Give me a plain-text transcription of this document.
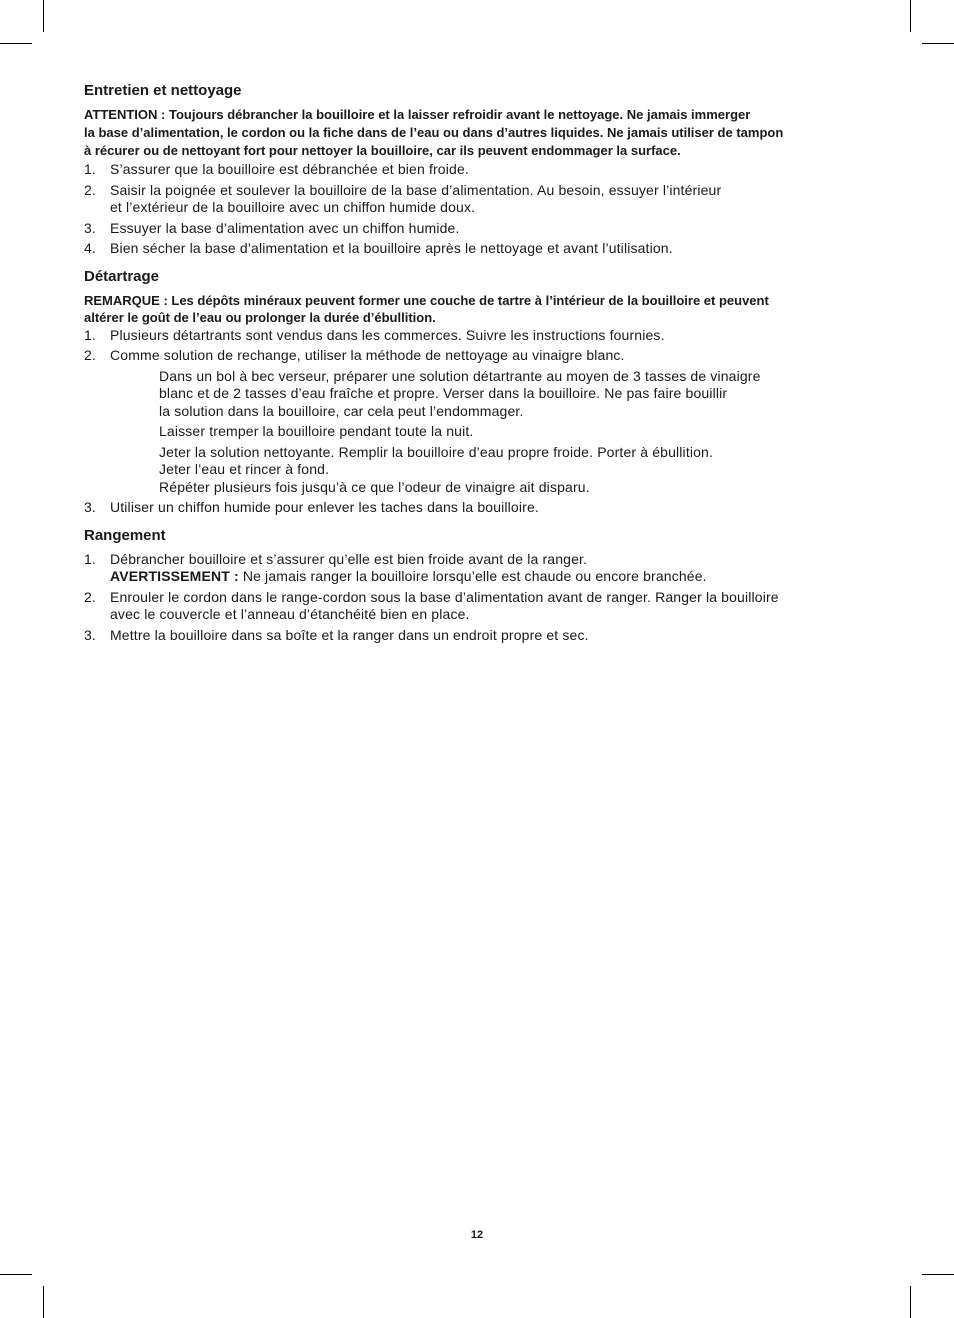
Entretien et nettoyage
ATTENTION : Toujours débrancher la bouilloire et la laisser refroidir avant le nettoyage. Ne jamais immerger
la base d’alimentation, le cordon ou la fiche dans de l’eau ou dans d’autres liquides. Ne jamais utiliser de tampon
à récurer ou de nettoyant fort pour nettoyer la bouilloire, car ils peuvent endommager la surface.
1. S’assurer que la bouilloire est débranchée et bien froide.
2. Saisir la poignée et soulever la bouilloire de la base d’alimentation. Au besoin, essuyer l’intérieur
et l’extérieur de la bouilloire avec un chiffon humide doux.
3. Essuyer la base d’alimentation avec un chiffon humide.
4. Bien sécher la base d’alimentation et la bouilloire après le nettoyage et avant l’utilisation.
Détartrage
REMARQUE : Les dépôts minéraux peuvent former une couche de tartre à l’intérieur de la bouilloire et peuvent
altérer le goût de l’eau ou prolonger la durée d’ébullition.
1. Plusieurs détartrants sont vendus dans les commerces. Suivre les instructions fournies.
2. Comme solution de rechange, utiliser la méthode de nettoyage au vinaigre blanc.

Dans un bol à bec verseur, préparer une solution détartrante au moyen de 3 tasses de vinaigre
blanc et de 2 tasses d’eau fraîche et propre. Verser dans la bouilloire. Ne pas faire bouillir
la solution dans la bouilloire, car cela peut l’endommager.

Laisser tremper la bouilloire pendant toute la nuit.

Jeter la solution nettoyante. Remplir la bouilloire d’eau propre froide. Porter à ébullition.
Jeter l’eau et rincer à fond.
Répéter plusieurs fois jusqu’à ce que l’odeur de vinaigre ait disparu.

3. Utiliser un chiffon humide pour enlever les taches dans la bouilloire.
Rangement
1. Débrancher bouilloire et s’assurer qu’elle est bien froide avant de la ranger.
AVERTISSEMENT : Ne jamais ranger la bouilloire lorsqu’elle est chaude ou encore branchée.
2. Enrouler le cordon dans le range-cordon sous la base d’alimentation avant de ranger. Ranger la bouilloire
avec le couvercle et l’anneau d’étanchéité bien en place.
3. Mettre la bouilloire dans sa boîte et la ranger dans un endroit propre et sec.
12
